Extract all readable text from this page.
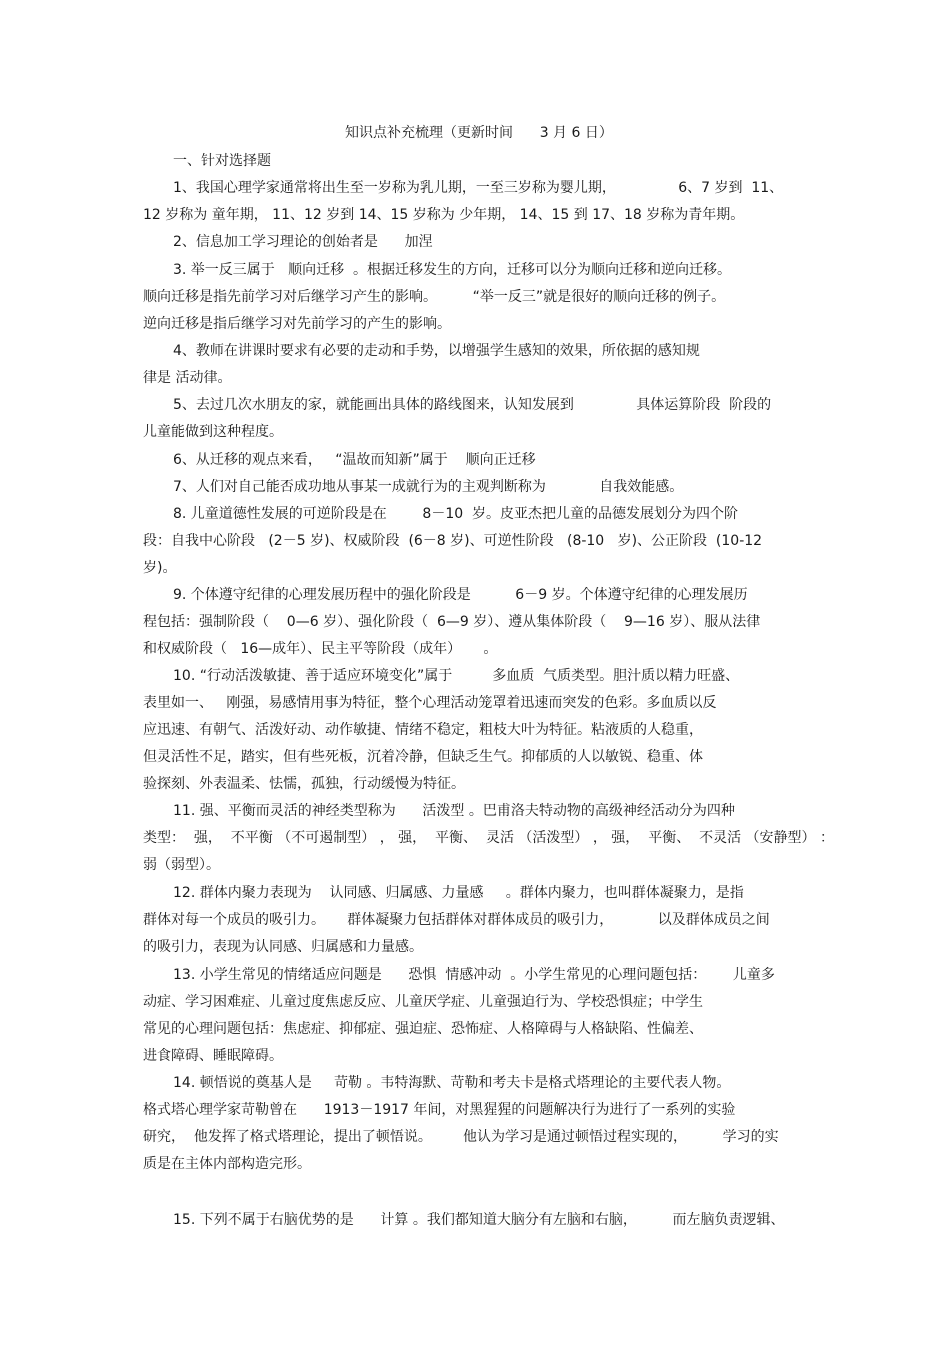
知识点补充梳理（更新时间      3 月 6 日）
一、针对选择题
1、我国心理学家通常将出生至一岁称为乳儿期，一至三岁称为婴儿期，              6、7 岁到  11、
12 岁称为 童年期， 11、12 岁到 14、15 岁称为 少年期， 14、15 到 17、18 岁称为青年期。
2、信息加工学习理论的创始者是      加涅
3. 举一反三属于   顺向迁移  。根据迁移发生的方向，迁移可以分为顺向迁移和逆向迁移。
顺向迁移是指先前学习对后继学习产生的影响。        “举一反三”就是很好的顺向迁移的例子。
逆向迁移是指后继学习对先前学习的产生的影响。
4、教师在讲课时要求有必要的走动和手势，以增强学生感知的效果，所依据的感知规
律是 活动律。
5、去过几次水朋友的家，就能画出具体的路线图来，认知发展到              具体运算阶段  阶段的
儿童能做到这种程度。
6、从迁移的观点来看，   “温故而知新”属于    顺向正迁移
7、人们对自己能否成功地从事某一成就行为的主观判断称为            自我效能感。
8. 儿童道德性发展的可逆阶段是在        8－10  岁。皮亚杰把儿童的品德发展划分为四个阶
段：自我中心阶段   (2－5 岁)、权威阶段  (6－8 岁)、可逆性阶段   (8-10   岁)、公正阶段  (10-12
岁)。
9. 个体遵守纪律的心理发展历程中的强化阶段是          6－9 岁。个体遵守纪律的心理发展历
程包括：强制阶段（    0—6 岁）、强化阶段（  6—9 岁）、遵从集体阶段（    9—16 岁）、服从法律
和权威阶段（   16—成年）、民主平等阶段（成年）     。
10. “行动活泼敏捷、善于适应环境变化”属于         多血质  气质类型。胆汁质以精力旺盛、
表里如一、   刚强，易感情用事为特征，整个心理活动笼罩着迅速而突发的色彩。多血质以反
应迅速、有朝气、活泼好动、动作敏捷、情绪不稳定，粗枝大叶为特征。粘液质的人稳重，
但灵活性不足，踏实，但有些死板，沉着冷静，但缺乏生气。抑郁质的人以敏锐、稳重、体
验探刻、外表温柔、怯懦，孤独，行动缓慢为特征。
11. 强、平衡而灵活的神经类型称为      活泼型 。巴甫洛夫特动物的高级神经活动分为四种
类型：  强，  不平衡 （不可遏制型） ， 强，  平衡、  灵活 （活泼型） ， 强，  平衡、  不灵活 （安静型） ：
弱（弱型）。
12. 群体内聚力表现为    认同感、归属感、力量感     。群体内聚力，也叫群体凝聚力，是指
群体对每一个成员的吸引力。     群体凝聚力包括群体对群体成员的吸引力，          以及群体成员之间
的吸引力，表现为认同感、归属感和力量感。
13. 小学生常见的情绪适应问题是      恐惧  情感冲动  。小学生常见的心理问题包括：      儿童多
动症、学习困难症、儿童过度焦虑反应、儿童厌学症、儿童强迫行为、学校恐惧症；中学生
常见的心理问题包括：焦虑症、抑郁症、强迫症、恐怖症、人格障碍与人格缺陷、性偏差、
进食障碍、睡眠障碍。
14. 顿悟说的奠基人是     苛勒 。韦特海默、苛勒和考夫卡是格式塔理论的主要代表人物。
格式塔心理学家苛勒曾在      1913－1917 年间，对黑猩猩的问题解决行为进行了一系列的实验
研究，  他发挥了格式塔理论，提出了顿悟说。       他认为学习是通过顿悟过程实现的，        学习的实
质是在主体内部构造完形。
15. 下列不属于右脑优势的是      计算 。我们都知道大脑分有左脑和右脑，        而左脑负责逻辑、
